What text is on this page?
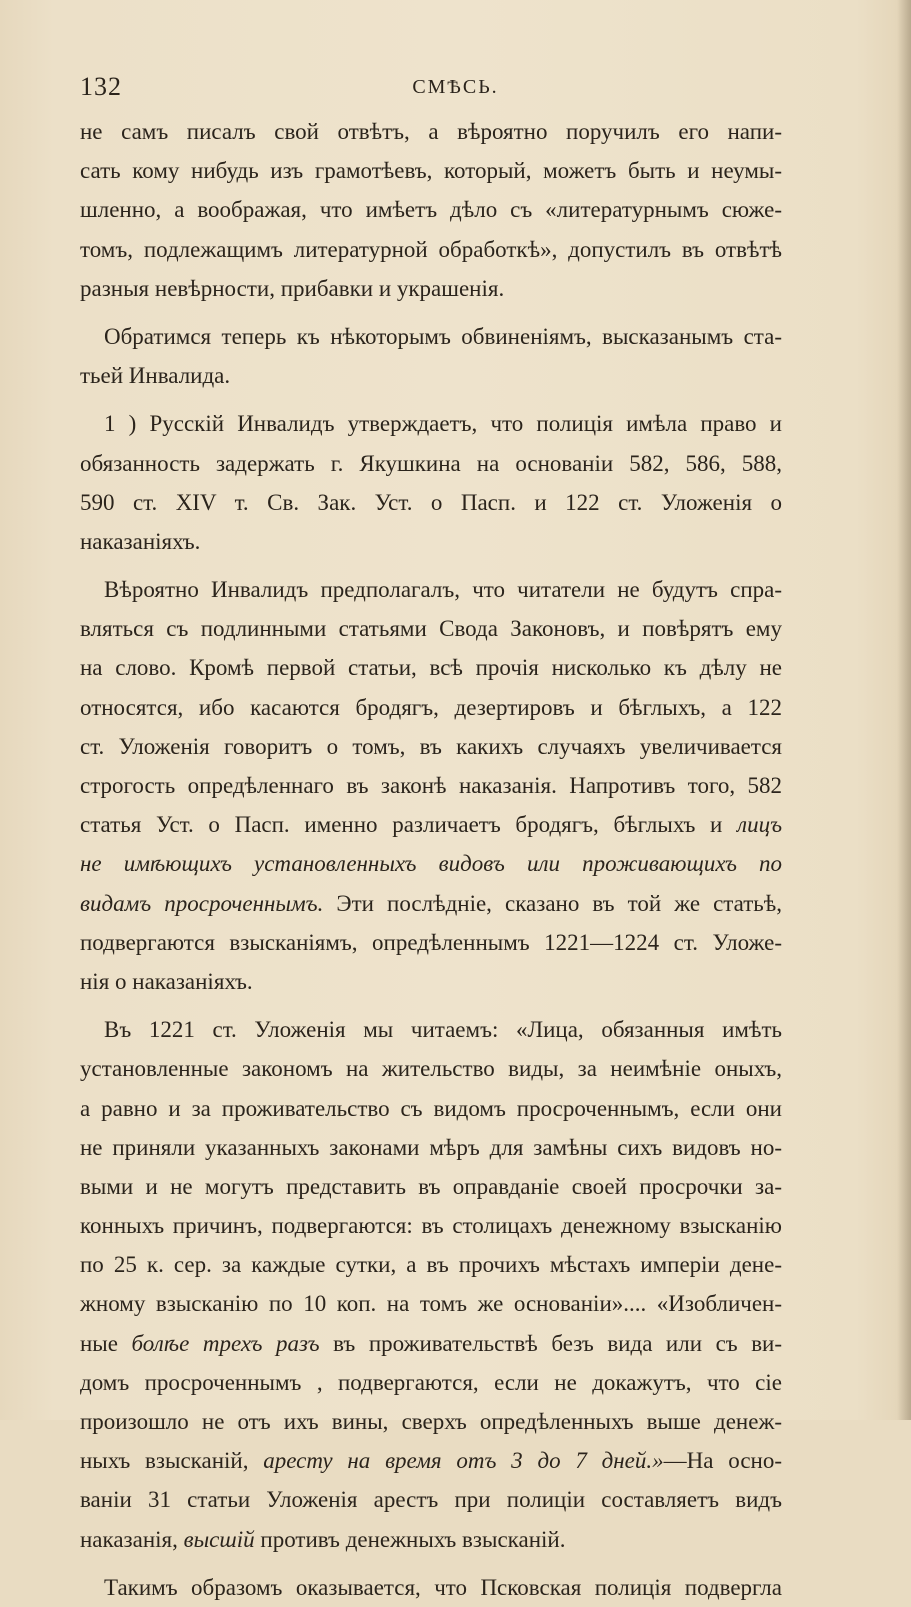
132	СМѢСЬ.
не самъ писалъ свой отвѣтъ, а вѣроятно поручилъ его напи-
сать кому нибудь изъ грамотѣевъ, который, можетъ быть и неумы-
шленно, а воображая, что имѣетъ дѣло съ «литературнымъ сюже-
томъ, подлежащимъ литературной обработкѣ», допустилъ въ отвѣтѣ
разныя невѣрности, прибавки и украшенія.
Обратимся теперь къ нѣкоторымъ обвиненіямъ, высказанымъ ста-
тьей Инвалида.
1 ) Русскій Инвалидъ утверждаетъ, что полиція имѣла право и
обязанность задержать г. Якушкина на основаніи 582, 586, 588,
590 ст. XIV т. Св. Зак. Уст. о Пасп. и 122 ст. Уложенія о
наказаніяхъ.
Вѣроятно Инвалидъ предполагалъ, что читатели не будутъ спра-
вляться съ подлинными статьями Свода Законовъ, и повѣрятъ ему
на слово. Кромѣ первой статьи, всѣ прочія нисколько къ дѣлу не
относятся, ибо касаются бродягъ, дезертировъ и бѣглыхъ, а 122
ст. Уложенія говоритъ о томъ, въ какихъ случаяхъ увеличивается
строгость опредѣленнаго въ законѣ наказанія. Напротивъ того, 582
статья Уст. о Пасп. именно различаетъ бродягъ, бѣглыхъ и лицъ
не имѣющихъ установленныхъ видовъ или проживающихъ по
видамъ просроченнымъ. Эти послѣдніе, сказано въ той же статьѣ,
подвергаются взысканіямъ, опредѣленнымъ 1221—1224 ст. Уложе-
нія о наказаніяхъ.
Въ 1221 ст. Уложенія мы читаемъ: «Лица, обязанныя имѣть
установленные закономъ на жительство виды, за неимѣніе оныхъ,
а равно и за проживательство съ видомъ просроченнымъ, если они
не приняли указанныхъ законами мѣръ для замѣны сихъ видовъ но-
выми и не могутъ представить въ оправданіе своей просрочки за-
конныхъ причинъ, подвергаются: въ столицахъ денежному взысканію
по 25 к. сер. за каждые сутки, а въ прочихъ мѣстахъ имперіи дене-
жному взысканію по 10 коп. на томъ же основаніи».... «Изобличен-
ные болѣе трехъ разъ въ проживательствѣ безъ вида или съ ви-
домъ просроченнымъ , подвергаются, если не докажутъ, что сіе
произошло не отъ ихъ вины, сверхъ опредѣленныхъ выше денеж-
ныхъ взысканій, аресту на время отъ 3 до 7 дней.»—На осно-
ваніи 31 статьи Уложенія арестъ при полиціи составляетъ видъ
наказанія, высшій противъ денежныхъ взысканій.
Такимъ образомъ оказывается, что Псковская полиція подвергла
